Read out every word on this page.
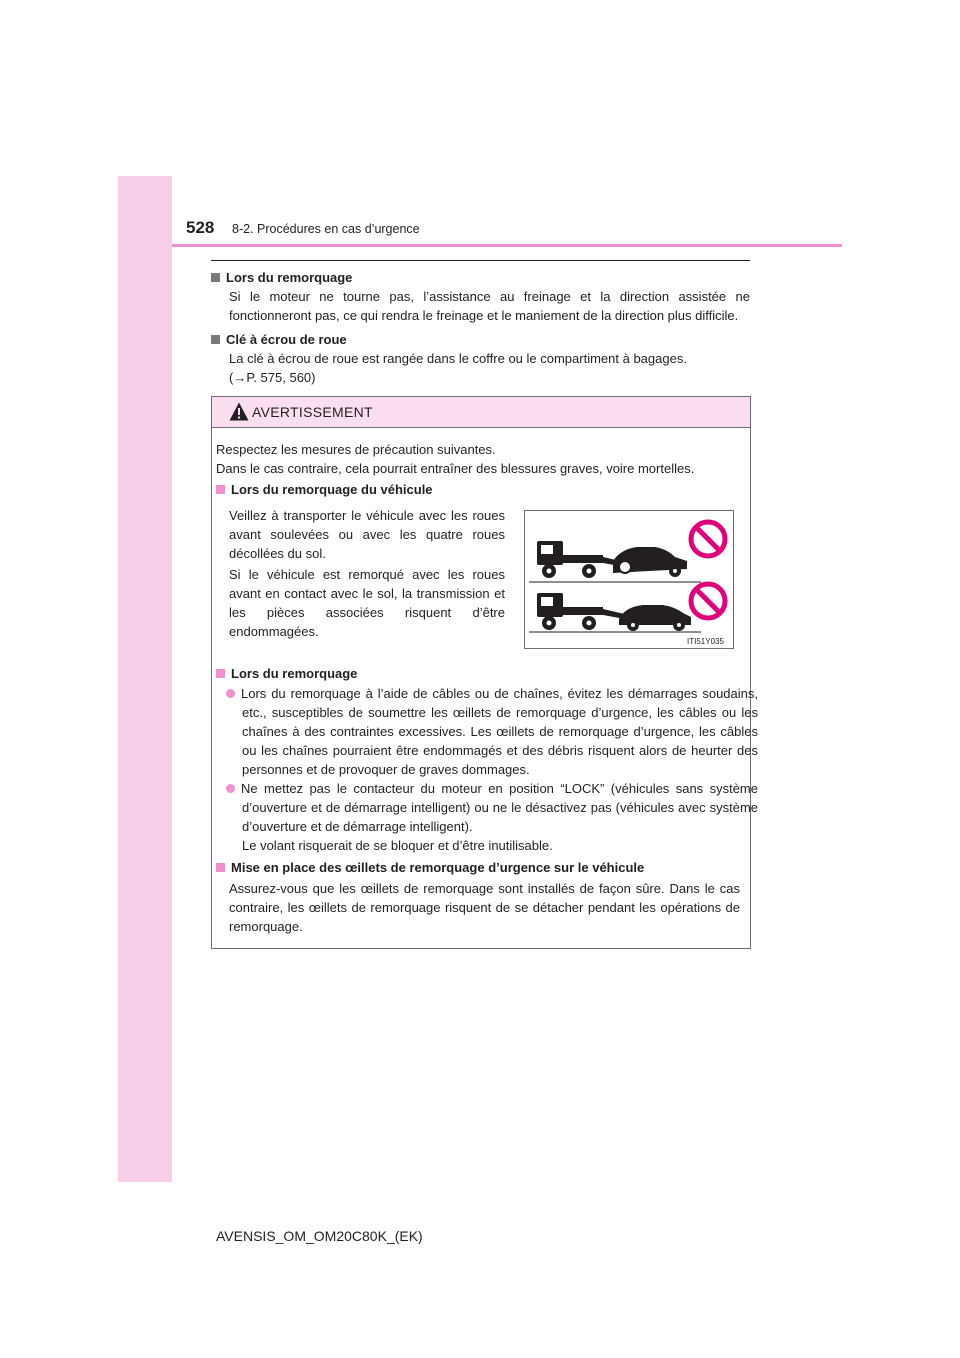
528 8-2. Procédures en cas d’urgence
Lors du remorquage
Si le moteur ne tourne pas, l’assistance au freinage et la direction assistée ne fonctionneront pas, ce qui rendra le freinage et le maniement de la direction plus difficile.
Clé à écrou de roue
La clé à écrou de roue est rangée dans le coffre ou le compartiment à bagages.
(→P. 575, 560)
AVERTISSEMENT
Respectez les mesures de précaution suivantes.
Dans le cas contraire, cela pourrait entraîner des blessures graves, voire mortelles.
Lors du remorquage du véhicule
Veillez à transporter le véhicule avec les roues avant soulevées ou avec les quatre roues décollées du sol.
Si le véhicule est remorqué avec les roues avant en contact avec le sol, la transmission et les pièces associées risquent d’être endommagées.
ITI51Y035
Lors du remorquage
Lors du remorquage à l’aide de câbles ou de chaînes, évitez les démarrages soudains, etc., susceptibles de soumettre les œillets de remorquage d’urgence, les câbles ou les chaînes à des contraintes excessives. Les œillets de remorquage d’urgence, les câbles ou les chaînes pourraient être endommagés et des débris risquent alors de heurter des personnes et de provoquer de graves dommages.
Ne mettez pas le contacteur du moteur en position “LOCK” (véhicules sans système d’ouverture et de démarrage intelligent) ou ne le désactivez pas (véhicules avec système d’ouverture et de démarrage intelligent).
Le volant risquerait de se bloquer et d’être inutilisable.
Mise en place des œillets de remorquage d’urgence sur le véhicule
Assurez-vous que les œillets de remorquage sont installés de façon sûre. Dans le cas contraire, les œillets de remorquage risquent de se détacher pendant les opérations de remorquage.
AVENSIS_OM_OM20C80K_(EK)
